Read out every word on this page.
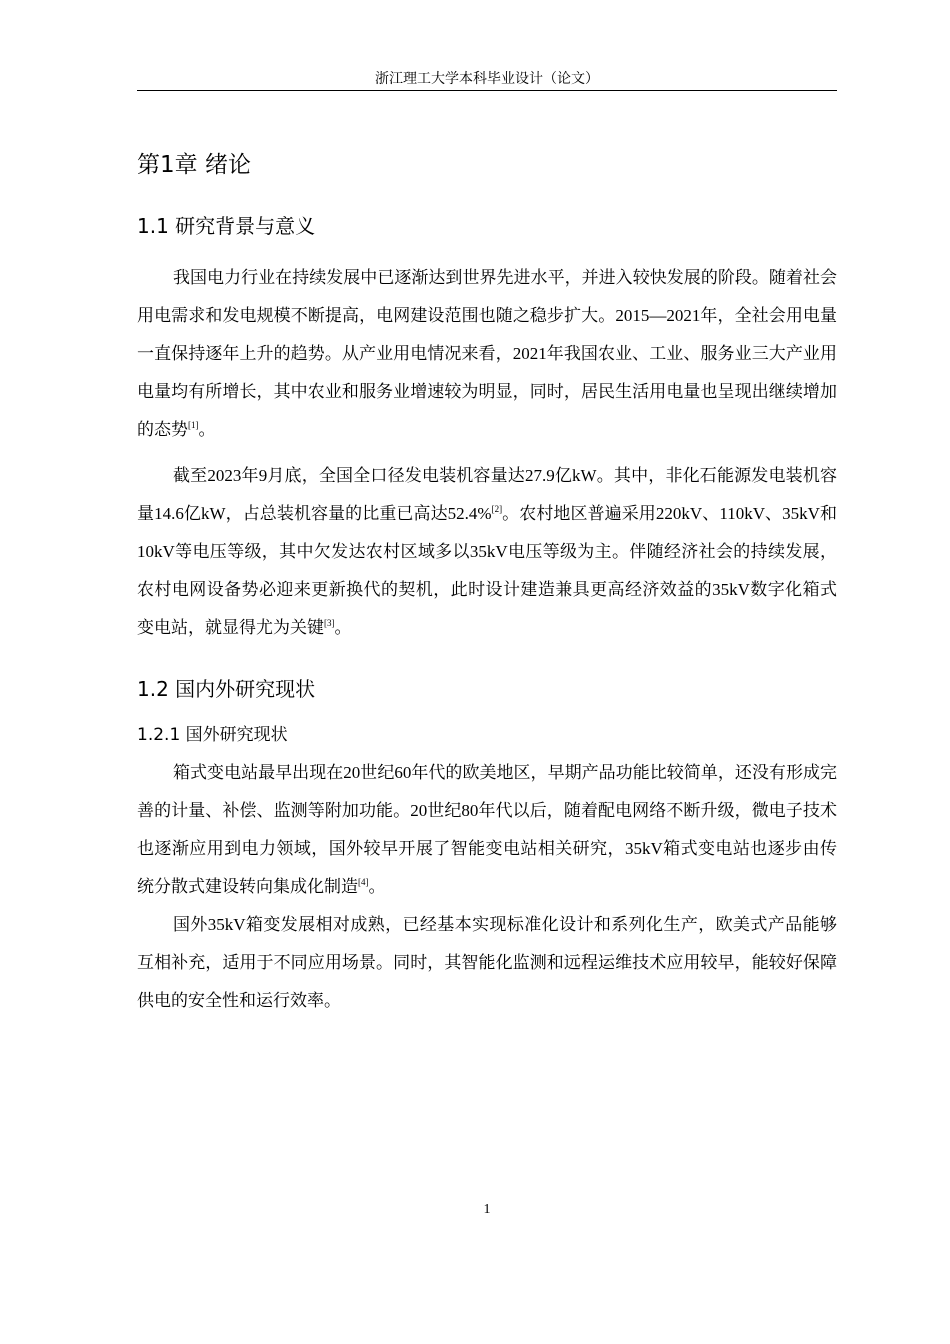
浙江理工大学本科毕业设计（论文）
第1章 绪论
1.1 研究背景与意义

我国电力行业在持续发展中已逐渐达到世界先进水平，并进入较快发展的阶段。随着社会用电需求和发电规模不断提高，电网建设范围也随之稳步扩大。2015—2021年，全社会用电量一直保持逐年上升的趋势。从产业用电情况来看，2021年我国农业、工业、服务业三大产业用电量均有所增长，其中农业和服务业增速较为明显，同时，居民生活用电量也呈现出继续增加的态势[1]。

截至2023年9月底，全国全口径发电装机容量达27.9亿kW。其中，非化石能源发电装机容量14.6亿kW，占总装机容量的比重已高达52.4%[2]。农村地区普遍采用220kV、110kV、35kV和10kV等电压等级，其中欠发达农村区域多以35kV电压等级为主。伴随经济社会的持续发展，农村电网设备势必迎来更新换代的契机，此时设计建造兼具更高经济效益的35kV数字化箱式变电站，就显得尤为关键[3]。

1.2 国内外研究现状
1.2.1 国外研究现状

箱式变电站最早出现在20世纪60年代的欧美地区，早期产品功能比较简单，还没有形成完善的计量、补偿、监测等附加功能。20世纪80年代以后，随着配电网络不断升级，微电子技术也逐渐应用到电力领域，国外较早开展了智能变电站相关研究，35kV箱式变电站也逐步由传统分散式建设转向集成化制造[4]。

国外35kV箱变发展相对成熟，已经基本实现标准化设计和系列化生产，欧美式产品能够互相补充，适用于不同应用场景。同时，其智能化监测和远程运维技术应用较早，能较好保障供电的安全性和运行效率。

1
